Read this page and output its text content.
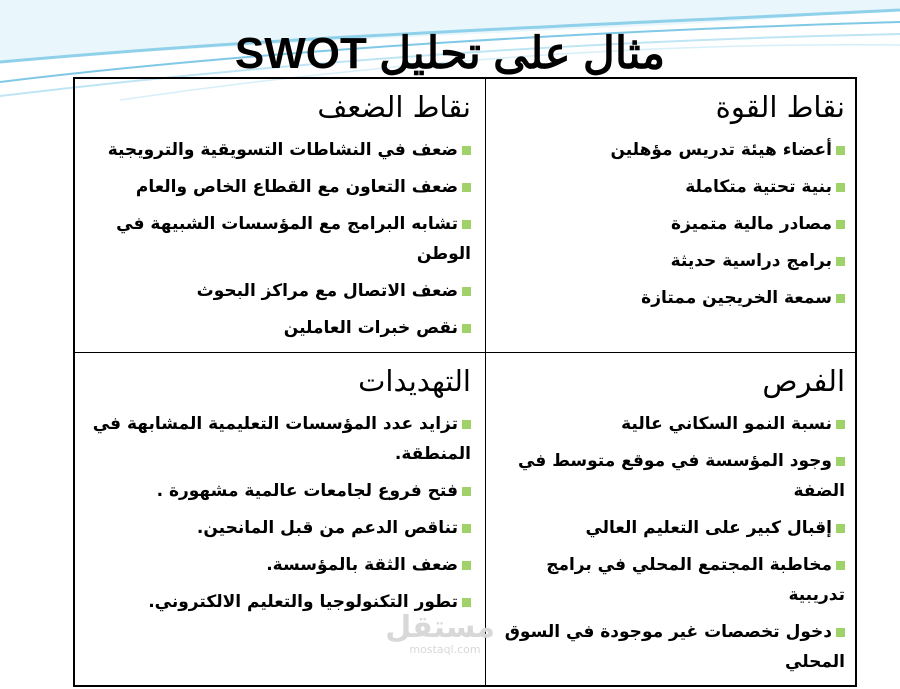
مثال على تحليل SWOT
نقاط القوة
أعضاء هيئة تدريس مؤهلين
بنية تحتية متكاملة
مصادر مالية متميزة
برامج دراسية حديثة
سمعة الخريجين ممتازة
نقاط الضعف
ضعف في النشاطات التسويقية والترويجية
ضعف التعاون مع القطاع الخاص والعام
تشابه البرامج مع المؤسسات الشبيهة في الوطن
ضعف الاتصال مع مراكز البحوث
نقص خبرات العاملين
الفرص
نسبة النمو السكاني عالية
وجود المؤسسة في موقع متوسط في الضفة
إقبال كبير على التعليم العالي
مخاطبة المجتمع المحلي في برامج تدريبية
دخول تخصصات غير موجودة في السوق المحلي
التهديدات
تزايد عدد المؤسسات التعليمية المشابهة في المنطقة.
فتح فروع لجامعات عالمية مشهورة .
تناقص الدعم من قبل المانحين.
ضعف الثقة بالمؤسسة.
تطور التكنولوجيا والتعليم الالكتروني.
مستقل
mostaql.com
